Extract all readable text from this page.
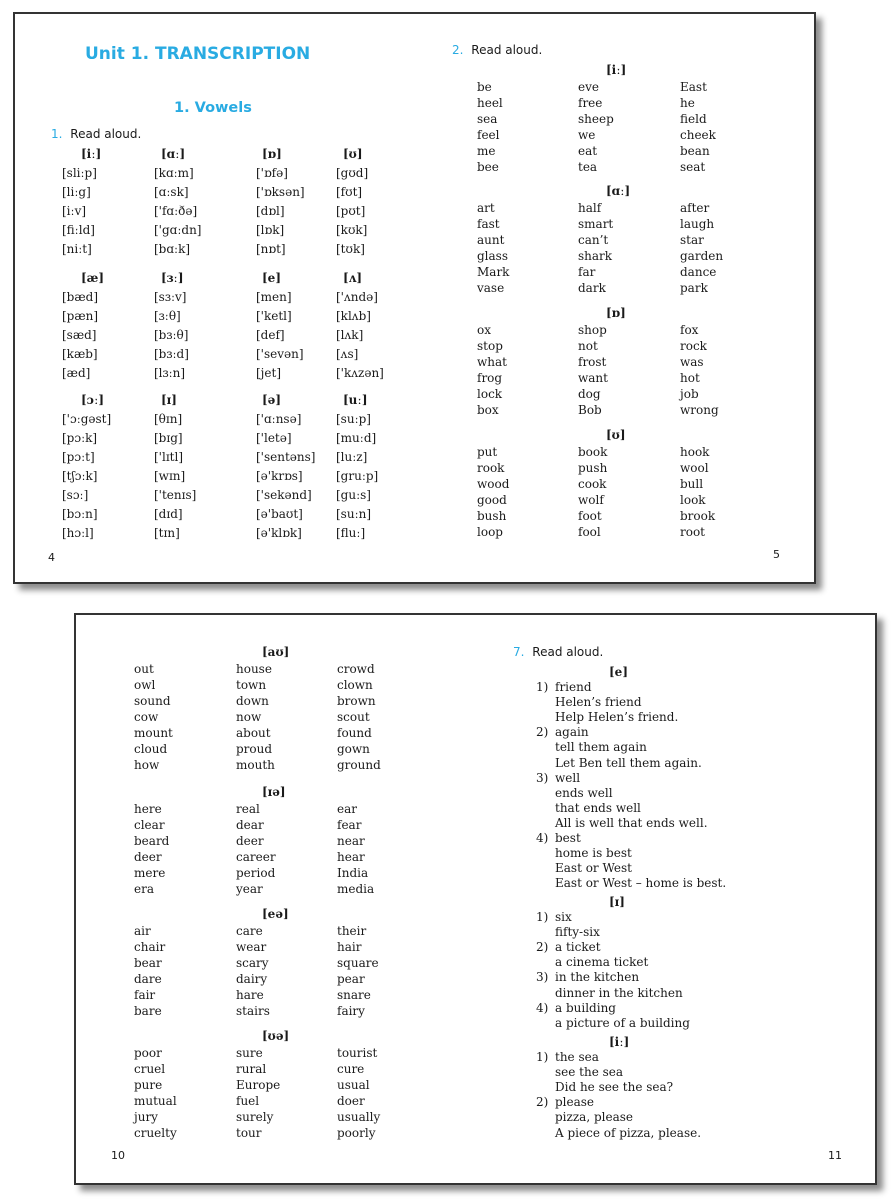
Unit 1. TRANSCRIPTION
1. Vowels
1. Read aloud.
[iː]	[ɑː]	[ɒ]	[ʊ]
[sliːp]	[kɑːm]	['ɒfə]	[gʊd]
[liːg]	[ɑːsk]	['ɒksən]	[fʊt]
[iːv]	['fɑːðə]	[dɒl]	[pʊt]
[fiːld]	['gɑːdn]	[lɒk]	[kʊk]
[niːt]	[bɑːk]	[nɒt]	[tʊk]
[æ]	[ɜː]	[e]	[ʌ]
[bæd]	[sɜːv]	[men]	['ʌndə]
[pæn]	[ɜːθ]	['ketl]	[klʌb]
[sæd]	[bɜːθ]	[def]	[lʌk]
[kæb]	[bɜːd]	['sevən]	[ʌs]
[æd]	[lɜːn]	[jet]	['kʌzən]
[ɔː]	[ɪ]	[ə]	[uː]
['ɔːgəst]	[θɪn]	['ɑːnsə]	[suːp]
[pɔːk]	[bɪg]	['letə]	[muːd]
[pɔːt]	['lɪtl]	['sentəns] [luːz]
[tʃɔːk]	[wɪn]	[ə'krɒs]	[gruːp]
[sɔː]	['tenɪs]	['sekənd] [guːs]
[bɔːn]	[dɪd]	[ə'baʊt]	[suːn]
[hɔːl]	[tɪn]	[ə'klɒk]	[fluː]
4
2. Read aloud.
[iː]
be	eve	East
heel	free	he
sea	sheep	field
feel	we	cheek
me	eat	bean
bee	tea	seat
[ɑː]
art	half	after
fast	smart	laugh
aunt	can’t	star
glass	shark	garden
Mark	far	dance
vase	dark	park
[ɒ]
ox	shop	fox
stop	not	rock
what	frost	was
frog	want	hot
lock	dog	job
box	Bob	wrong
[ʊ]
put	book	hook
rook	push	wool
wood	cook	bull
good	wolf	look
bush	foot	brook
loop	fool	root
5
[aʊ]
out	house	crowd
owl	town	clown
sound	down	brown
cow	now	scout
mount	about	found
cloud	proud	gown
how	mouth	ground
[ɪə]
here	real	ear
clear	dear	fear
beard	deer	near
deer	career	hear
mere	period	India
era	year	media
[eə]
air	care	their
chair	wear	hair
bear	scary	square
dare	dairy	pear
fair	hare	snare
bare	stairs	fairy
[ʊə]
poor	sure	tourist
cruel	rural	cure
pure	Europe	usual
mutual	fuel	doer
jury	surely	usually
cruelty	tour	poorly
10
7. Read aloud.
[e]
1) friend
Helen’s friend
Help Helen’s friend.
2) again
tell them again
Let Ben tell them again.
3) well
ends well
that ends well
All is well that ends well.
4) best
home is best
East or West
East or West – home is best.
[ɪ]
1) six
fifty-six
2) a ticket
a cinema ticket
3) in the kitchen
dinner in the kitchen
4) a building
a picture of a building
[iː]
1) the sea
see the sea
Did he see the sea?
2) please
pizza, please
A piece of pizza, please.
11
